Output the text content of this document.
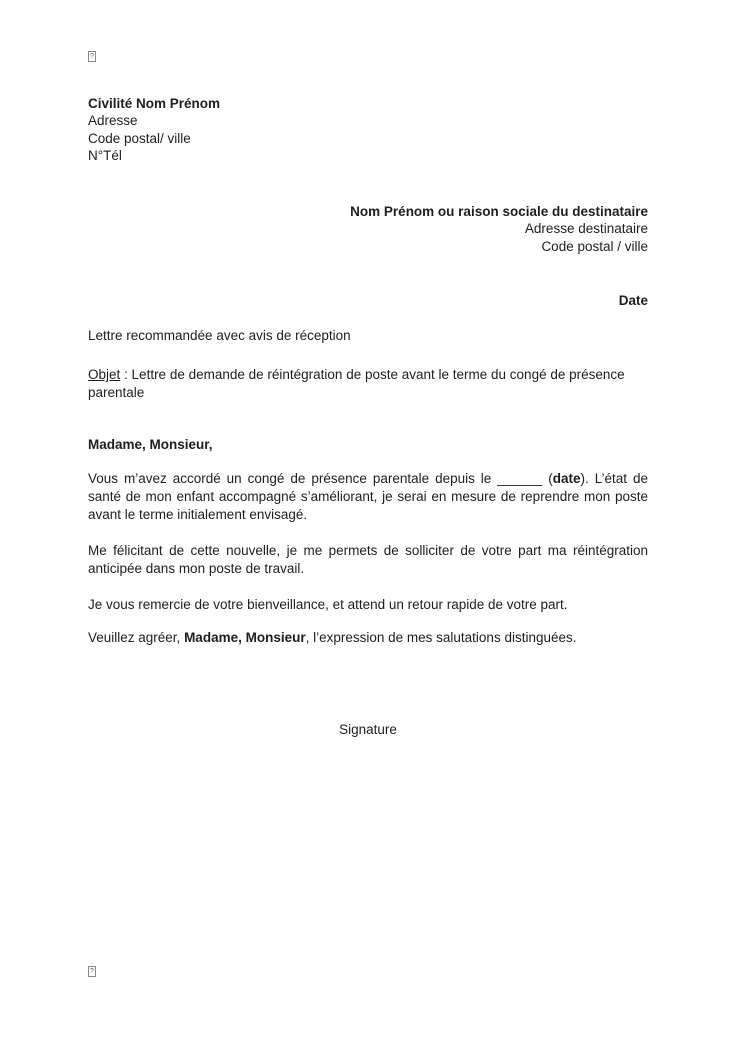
?
Civilité Nom Prénom
Adresse
Code postal/ ville
N°Tél
Nom Prénom ou raison sociale du destinataire
Adresse destinataire
Code postal / ville
Date
Lettre recommandée avec avis de réception
Objet : Lettre de demande de réintégration de poste avant le terme du congé de présence parentale
Madame, Monsieur,

Vous m’avez accordé un congé de présence parentale depuis le ______ (date). L’état de santé de mon enfant accompagné s’améliorant, je serai en mesure de reprendre mon poste avant le terme initialement envisagé.

Me félicitant de cette nouvelle, je me permets de solliciter de votre part ma réintégration anticipée dans mon poste de travail.

Je vous remercie de votre bienveillance, et attend un retour rapide de votre part.

Veuillez agréer, Madame, Monsieur, l’expression de mes salutations distinguées.

Signature
?
